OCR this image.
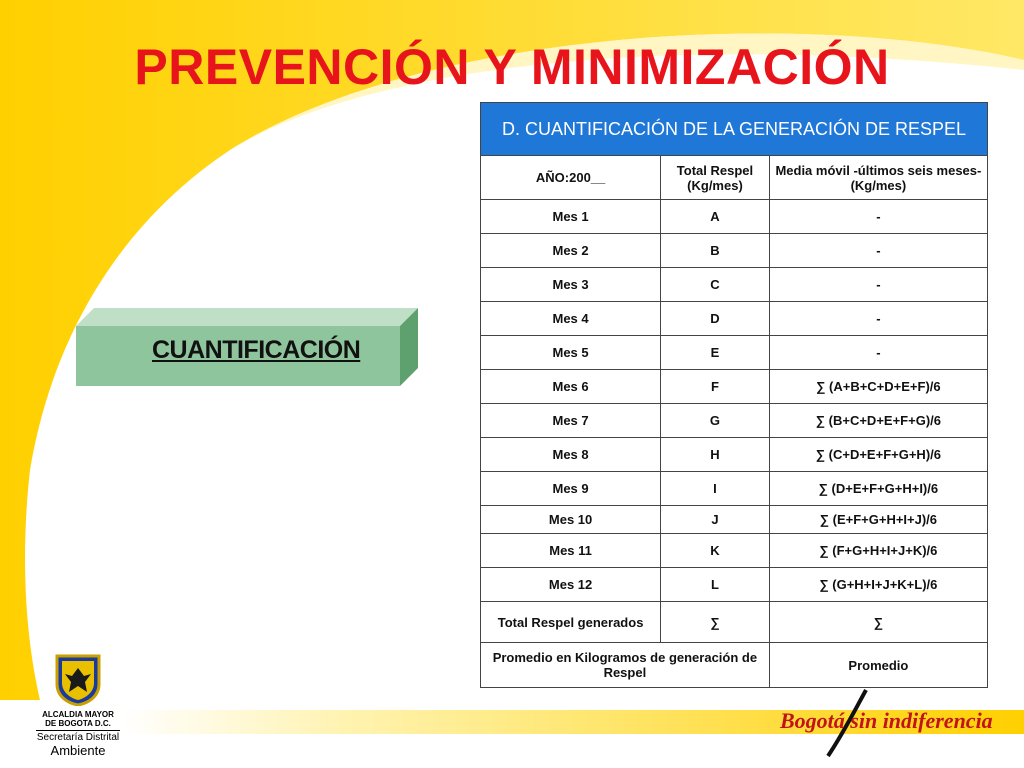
PREVENCIÓN Y MINIMIZACIÓN
CUANTIFICACIÓN
D. CUANTIFICACIÓN DE LA GENERACIÓN DE RESPEL		
AÑO:200__	Total Respel (Kg/mes)	Media móvil -últimos seis meses- (Kg/mes)
Mes 1	A	-
Mes 2	B	-
Mes 3	C	-
Mes 4	D	-
Mes 5	E	-
Mes 6	F	∑ (A+B+C+D+E+F)/6
Mes 7	G	∑ (B+C+D+E+F+G)/6
Mes 8	H	∑ (C+D+E+F+G+H)/6
Mes 9	I	∑ (D+E+F+G+H+I)/6
Mes 10	J	∑ (E+F+G+H+I+J)/6
Mes 11	K	∑ (F+G+H+I+J+K)/6
Mes 12	L	∑ (G+H+I+J+K+L)/6
Total Respel generados	∑	∑
Promedio en Kilogramos de generación de Respel		Promedio
ALCALDIA MAYOR
DE BOGOTA D.C.
Secretaría Distrital
Ambiente
Bogotá sin indiferencia
